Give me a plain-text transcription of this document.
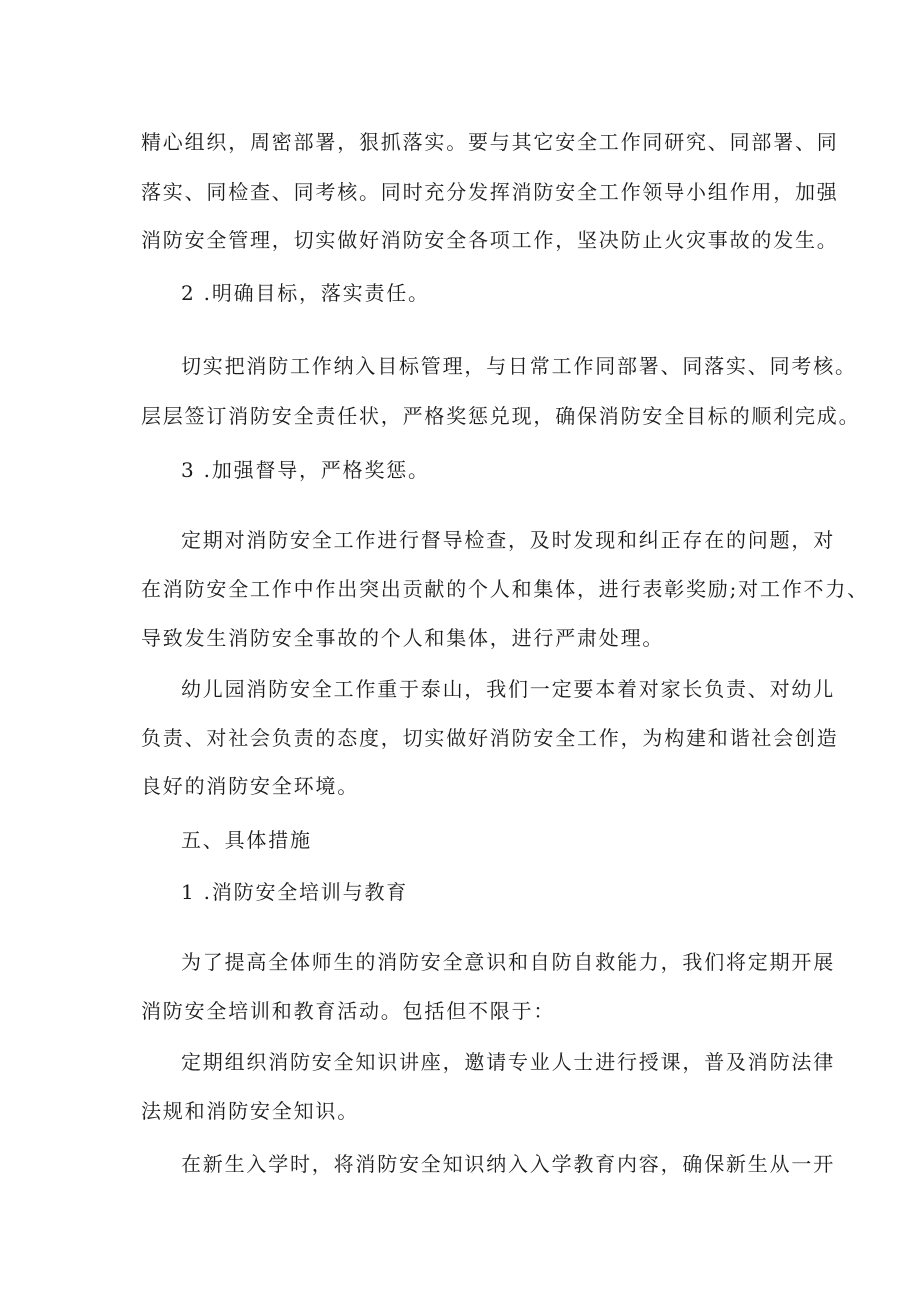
精心组织，周密部署，狠抓落实。要与其它安全工作同研究、同部署、同
落实、同检查、同考核。同时充分发挥消防安全工作领导小组作用，加强
消防安全管理，切实做好消防安全各项工作，坚决防止火灾事故的发生。
2 .明确目标，落实责任。
切实把消防工作纳入目标管理，与日常工作同部署、同落实、同考核。
层层签订消防安全责任状，严格奖惩兑现，确保消防安全目标的顺利完成。
3 .加强督导，严格奖惩。
定期对消防安全工作进行督导检查，及时发现和纠正存在的问题，对
在消防安全工作中作出突出贡献的个人和集体，进行表彰奖励;对工作不力、
导致发生消防安全事故的个人和集体，进行严肃处理。
幼儿园消防安全工作重于泰山，我们一定要本着对家长负责、对幼儿
负责、对社会负责的态度，切实做好消防安全工作，为构建和谐社会创造
良好的消防安全环境。
五、具体措施
1 .消防安全培训与教育
为了提高全体师生的消防安全意识和自防自救能力，我们将定期开展
消防安全培训和教育活动。包括但不限于：
定期组织消防安全知识讲座，邀请专业人士进行授课，普及消防法律
法规和消防安全知识。
在新生入学时，将消防安全知识纳入入学教育内容，确保新生从一开
